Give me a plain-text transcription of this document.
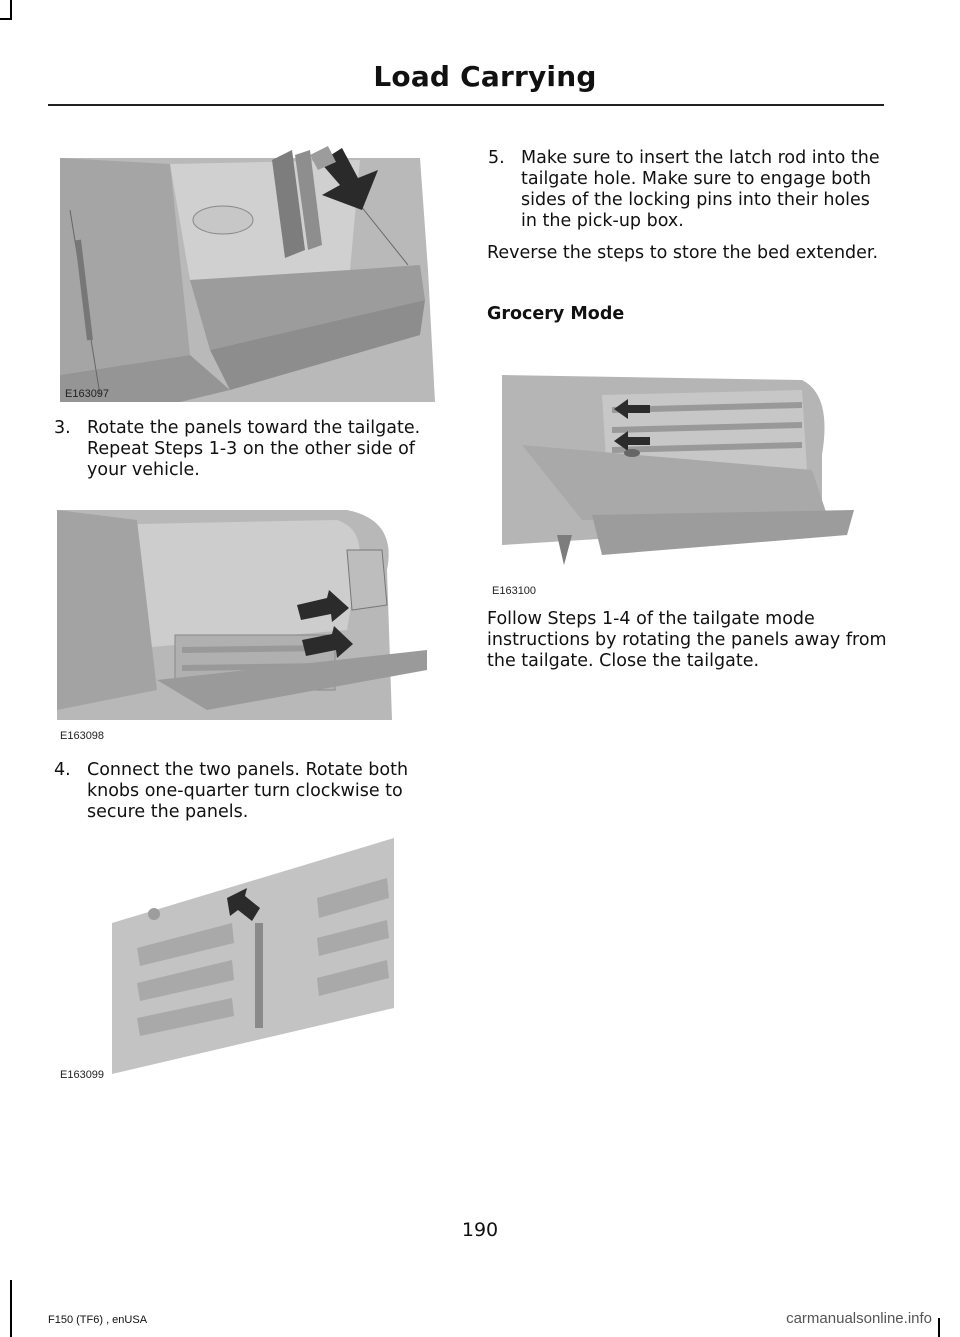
Load Carrying
E163097
3. Rotate the panels toward the tailgate. Repeat Steps 1-3 on the other side of your vehicle.
E163098
4. Connect the two panels. Rotate both knobs one-quarter turn clockwise to secure the panels.
E163099
5. Make sure to insert the latch rod into the tailgate hole. Make sure to engage both sides of the locking pins into their holes in the pick-up box.
Reverse the steps to store the bed extender.
Grocery Mode
E163100
Follow Steps 1-4 of the tailgate mode instructions by rotating the panels away from the tailgate. Close the tailgate.
190
F150 (TF6) , enUSA	carmanualsonline.info
